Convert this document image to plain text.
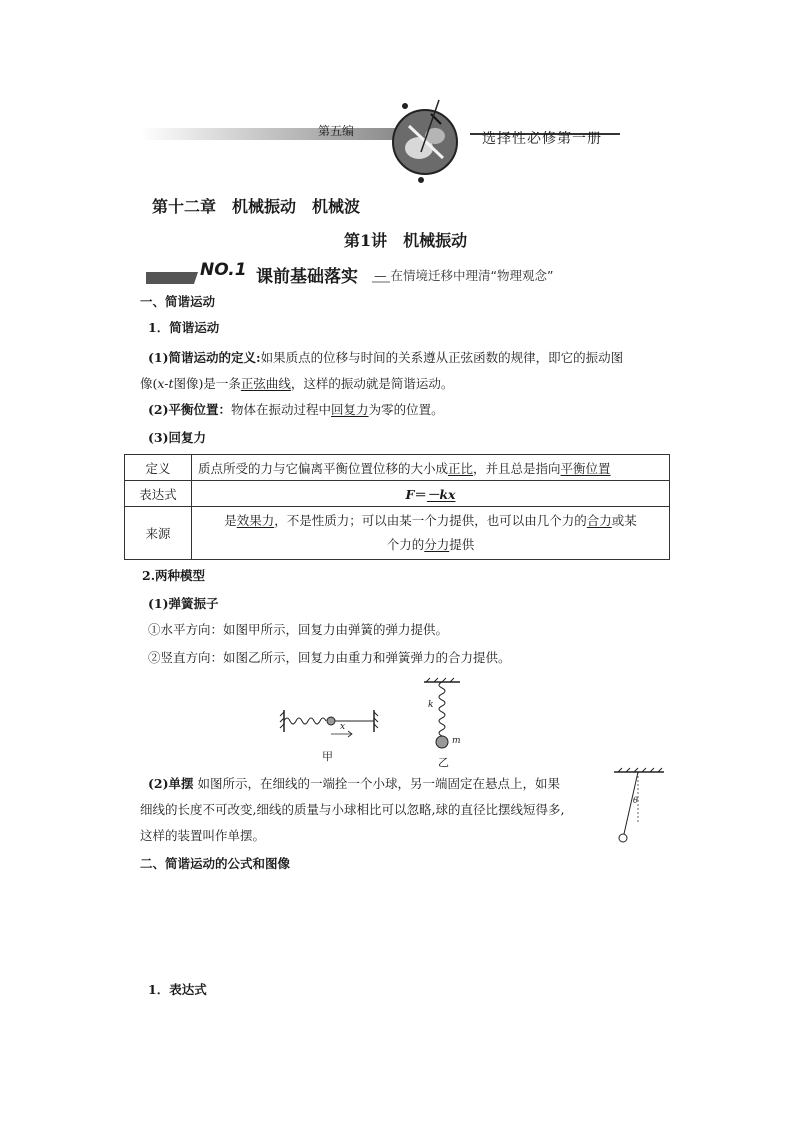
第五编	选择性必修第一册
第十二章　机械振动　机械波
第1讲　机械振动
NO.1 课前基础落实 — 在情境迁移中理清“物理观念”
一、简谐运动
1．简谐运动
(1)简谐运动的定义:如果质点的位移与时间的关系遵从正弦函数的规律，即它的振动图
像(x-t图像)是一条正弦曲线，这样的振动就是简谐运动。
(2)平衡位置：物体在振动过程中回复力为零的位置。
(3)回复力
定义	质点所受的力与它偏离平衡位置位移的大小成正比，并且总是指向平衡位置
表达式	F＝－kx
来源	是效果力，不是性质力；可以由某一个力提供，也可以由几个力的合力或某
个力的分力提供
2.两种模型
(1)弹簧振子
①水平方向：如图甲所示，回复力由弹簧的弹力提供。
②竖直方向：如图乙所示，回复力由重力和弹簧弹力的合力提供。
x
甲
k
m
乙
(2)单摆 如图所示，在细线的一端拴一个小球，另一端固定在悬点上，如果
细线的长度不可改变,细线的质量与小球相比可以忽略,球的直径比摆线短得多,
这样的装置叫作单摆。
θ
二、简谐运动的公式和图像
1．表达式
